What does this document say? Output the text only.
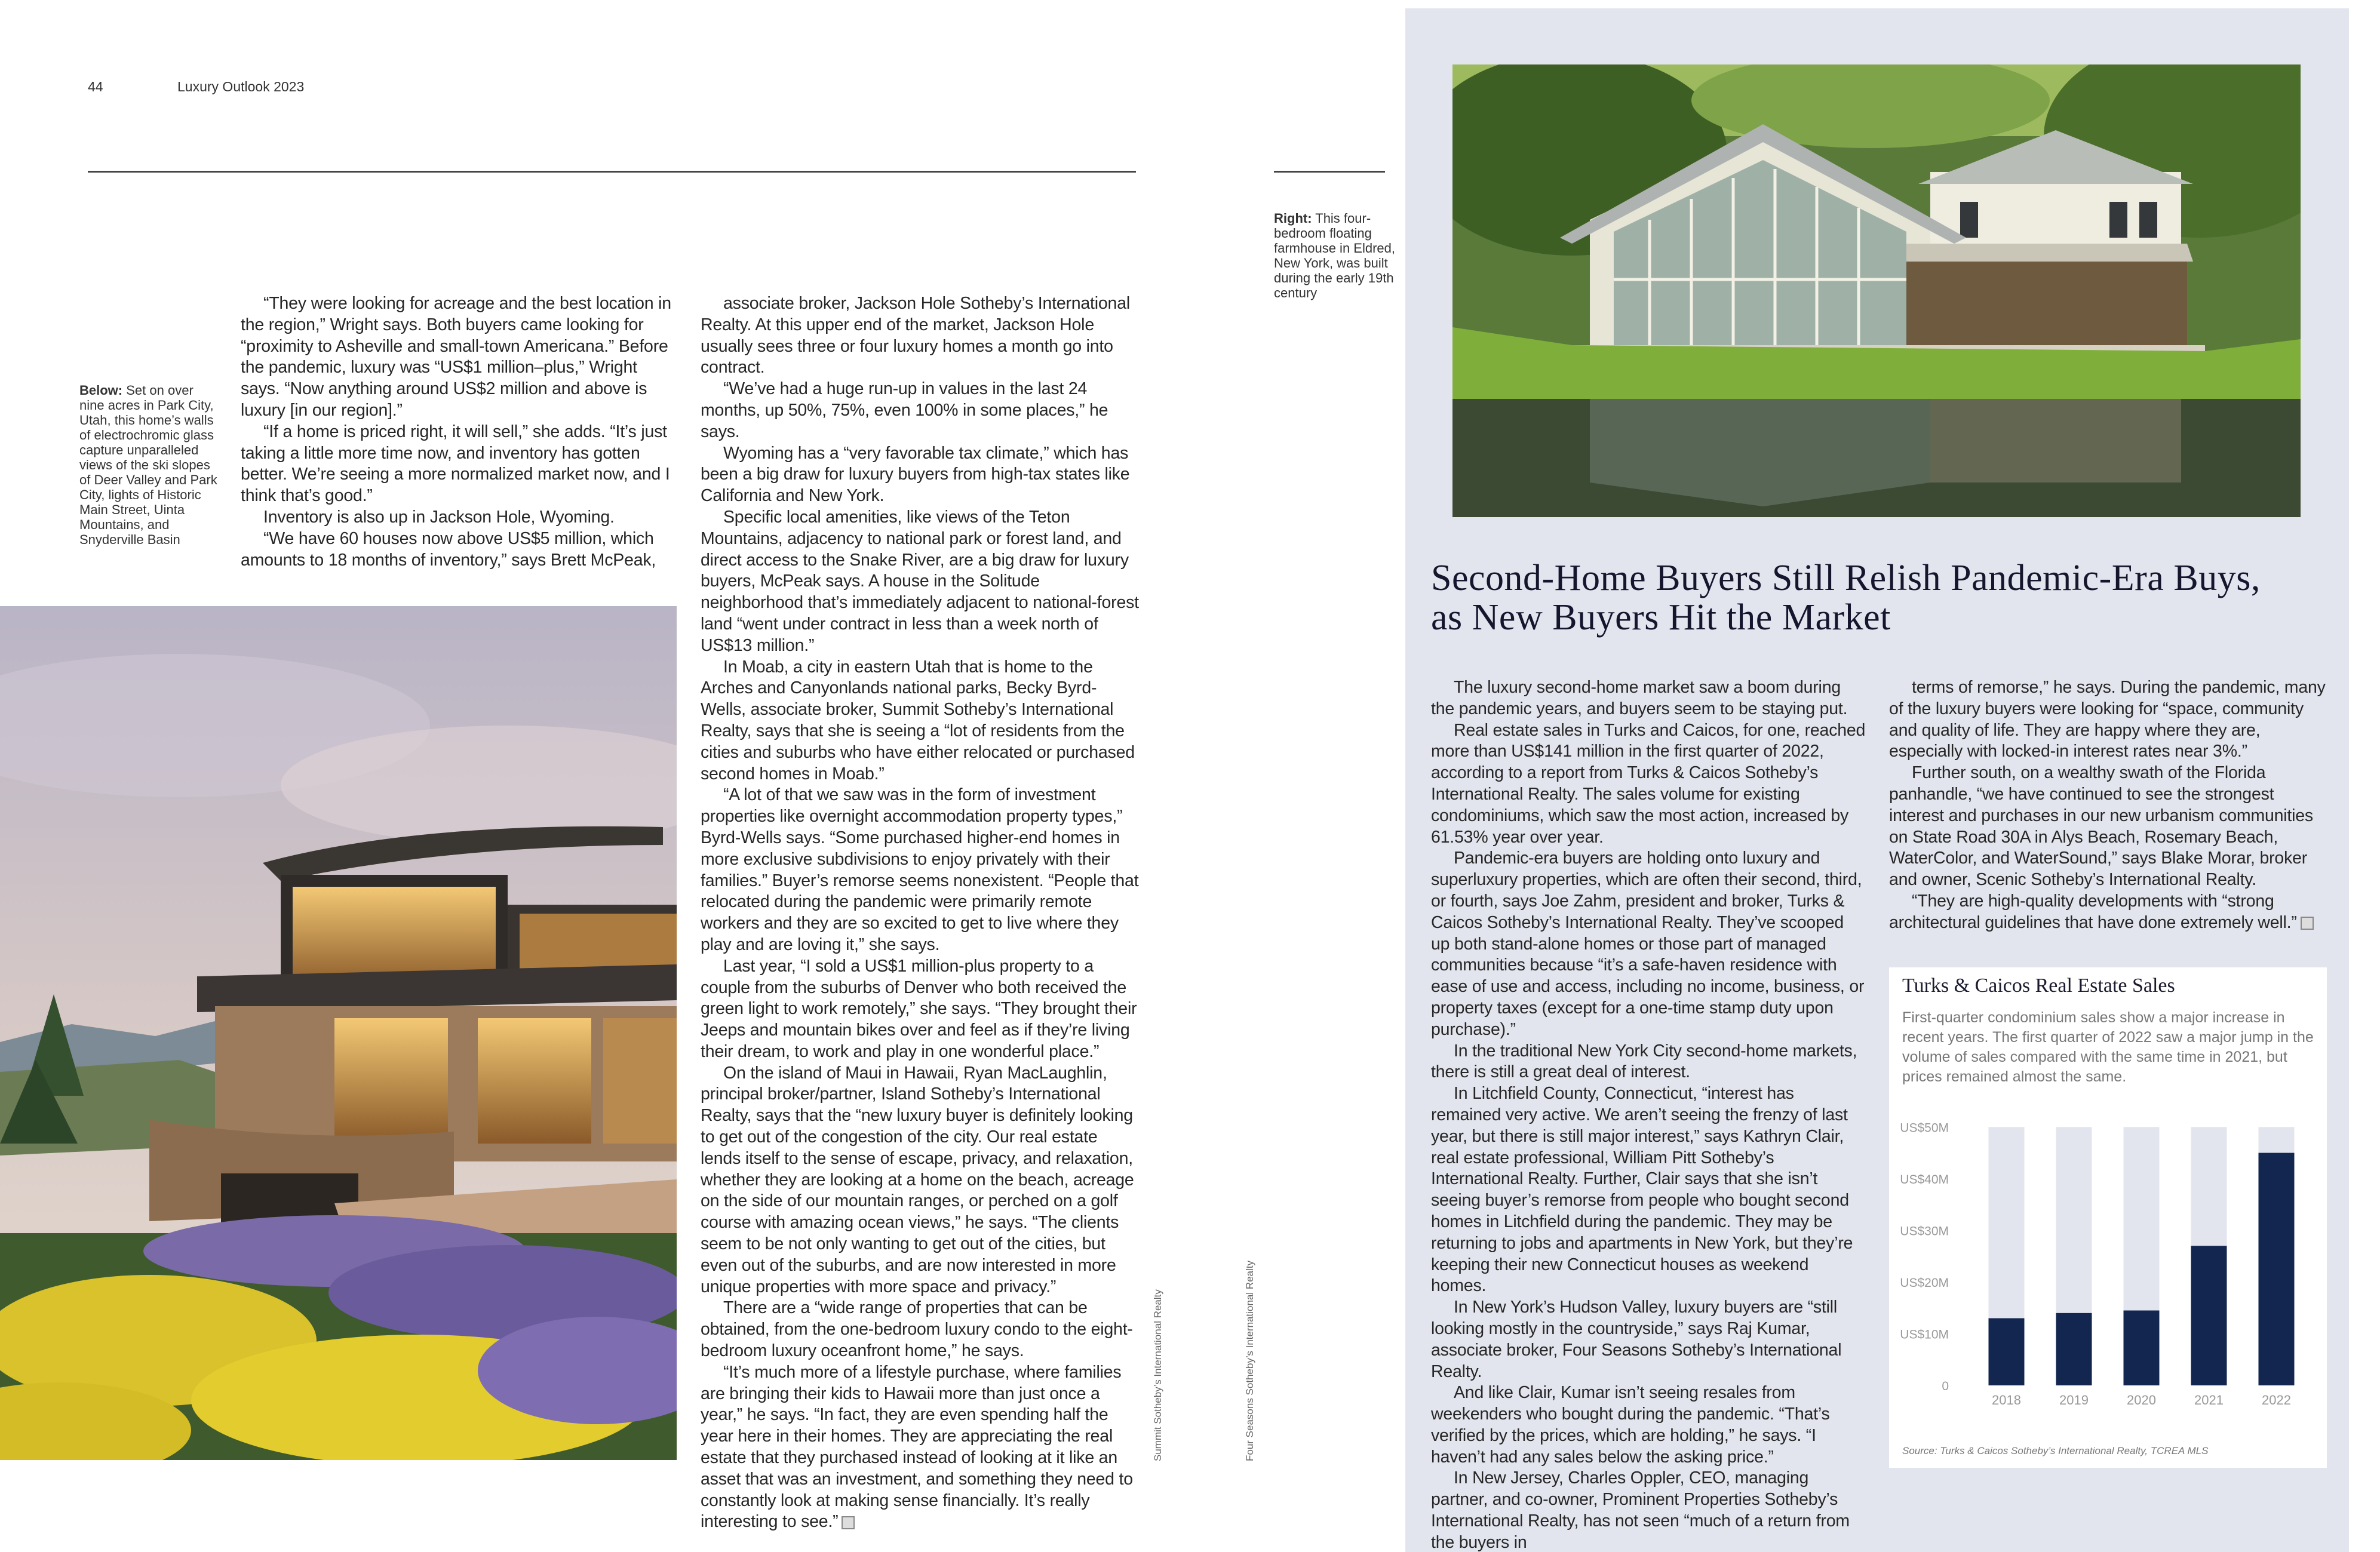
44	Luxury Outlook 2023
Below: Set on over nine acres in Park City, Utah, this home’s walls of electrochromic glass capture unparalleled views of the ski slopes of Deer Valley and Park City, lights of Historic Main Street, Uinta Mountains, and Snyderville Basin
Right: This four-bedroom floating farmhouse in Eldred, New York, was built during the early 19th century

“They were looking for acreage and the best location in the region,” Wright says. Both buyers came looking for “proximity to Asheville and small-town Americana.” Before the pandemic, luxury was “US$1 million–plus,” Wright says. “Now anything around US$2 million and above is luxury [in our region].”

“If a home is priced right, it will sell,” she adds. “It’s just taking a little more time now, and inventory has gotten better. We’re seeing a more normalized market now, and I think that’s good.”

Inventory is also up in Jackson Hole, Wyoming.

“We have 60 houses now above US$5 million, which amounts to 18 months of inventory,” says Brett McPeak,

associate broker, Jackson Hole Sotheby’s International Realty. At this upper end of the market, Jackson Hole usually sees three or four luxury homes a month go into contract.

“We’ve had a huge run-up in values in the last 24 months, up 50%, 75%, even 100% in some places,” he says.

Wyoming has a “very favorable tax climate,” which has been a big draw for luxury buyers from high-tax states like California and New York.

Specific local amenities, like views of the Teton Mountains, adjacency to national park or forest land, and direct access to the Snake River, are a big draw for luxury buyers, McPeak says. A house in the Solitude neighborhood that’s immediately adjacent to national-forest land “went under contract in less than a week north of US$13 million.”

In Moab, a city in eastern Utah that is home to the Arches and Canyonlands national parks, Becky Byrd-Wells, associate broker, Summit Sotheby’s International Realty, says that she is seeing a “lot of residents from the cities and suburbs who have either relocated or purchased second homes in Moab.”

“A lot of that we saw was in the form of investment properties like overnight accommodation property types,” Byrd-Wells says. “Some purchased higher-end homes in more exclusive subdivisions to enjoy privately with their families.” Buyer’s remorse seems nonexistent. “People that relocated during the pandemic were primarily remote workers and they are so excited to get to live where they play and are loving it,” she says.

Last year, “I sold a US$1 million-plus property to a couple from the suburbs of Denver who both received the green light to work remotely,” she says. “They brought their Jeeps and mountain bikes over and feel as if they’re living their dream, to work and play in one wonderful place.”

On the island of Maui in Hawaii, Ryan MacLaughlin, principal broker/partner, Island Sotheby’s International Realty, says that the “new luxury buyer is definitely looking to get out of the congestion of the city. Our real estate lends itself to the sense of escape, privacy, and relaxation, whether they are looking at a home on the beach, acreage on the side of our mountain ranges, or perched on a golf course with amazing ocean views,” he says. “The clients seem to be not only wanting to get out of the cities, but even out of the suburbs, and are now interested in more unique properties with more space and privacy.”

There are a “wide range of properties that can be obtained, from the one-bedroom luxury condo to the eight-bedroom luxury oceanfront home,” he says.

“It’s much more of a lifestyle purchase, where families are bringing their kids to Hawaii more than just once a year,” he says. “In fact, they are even spending half the year here in their homes. They are appreciating the real estate that they purchased instead of looking at it like an asset that was an investment, and something they need to constantly look at making sense financially. It’s really interesting to see.”

Summit Sotheby’s International Realty	Four Seasons Sotheby’s International Realty
Second-Home Buyers Still Relish Pandemic-Era Buys, as New Buyers Hit the Market

The luxury second-home market saw a boom during the pandemic years, and buyers seem to be staying put.

Real estate sales in Turks and Caicos, for one, reached more than US$141 million in the first quarter of 2022, according to a report from Turks & Caicos Sotheby’s International Realty. The sales volume for existing condominiums, which saw the most action, increased by 61.53% year over year.

Pandemic-era buyers are holding onto luxury and superluxury properties, which are often their second, third, or fourth, says Joe Zahm, president and broker, Turks & Caicos Sotheby’s International Realty. They’ve scooped up both stand-alone homes or those part of managed communities because “it’s a safe-haven residence with ease of use and access, including no income, business, or property taxes (except for a one-time stamp duty upon purchase).”

In the traditional New York City second-home markets, there is still a great deal of interest.

In Litchfield County, Connecticut, “interest has remained very active. We aren’t seeing the frenzy of last year, but there is still major interest,” says Kathryn Clair, real estate professional, William Pitt Sotheby’s International Realty. Further, Clair says that she isn’t seeing buyer’s remorse from people who bought second homes in Litchfield during the pandemic. They may be returning to jobs and apartments in New York, but they’re keeping their new Connecticut houses as weekend homes.

In New York’s Hudson Valley, luxury buyers are “still looking mostly in the countryside,” says Raj Kumar, associate broker, Four Seasons Sotheby’s International Realty.

And like Clair, Kumar isn’t seeing resales from weekenders who bought during the pandemic. “That’s verified by the prices, which are holding,” he says. “I haven’t had any sales below the asking price.”

In New Jersey, Charles Oppler, CEO, managing partner, and co-owner, Prominent Properties Sotheby’s International Realty, has not seen “much of a return from the buyers in

terms of remorse,” he says. During the pandemic, many of the luxury buyers were looking for “space, community and quality of life. They are happy where they are, especially with locked-in interest rates near 3%.”

Further south, on a wealthy swath of the Florida panhandle, “we have continued to see the strongest interest and purchases in our new urbanism communities on State Road 30A in Alys Beach, Rosemary Beach, WaterColor, and WaterSound,” says Blake Morar, broker and owner, Scenic Sotheby’s International Realty.

“They are high-quality developments with “strong architectural guidelines that have done extremely well.”

Turks & Caicos Real Estate Sales
First-quarter condominium sales show a major increase in recent years. The first quarter of 2022 saw a major jump in the volume of sales compared with the same time in 2021, but prices remained almost the same.
0
US$10M
US$20M
US$30M
US$40M
US$50M
2018	2019	2020	2021	2022
Source: Turks & Caicos Sotheby’s International Realty, TCREA MLS
